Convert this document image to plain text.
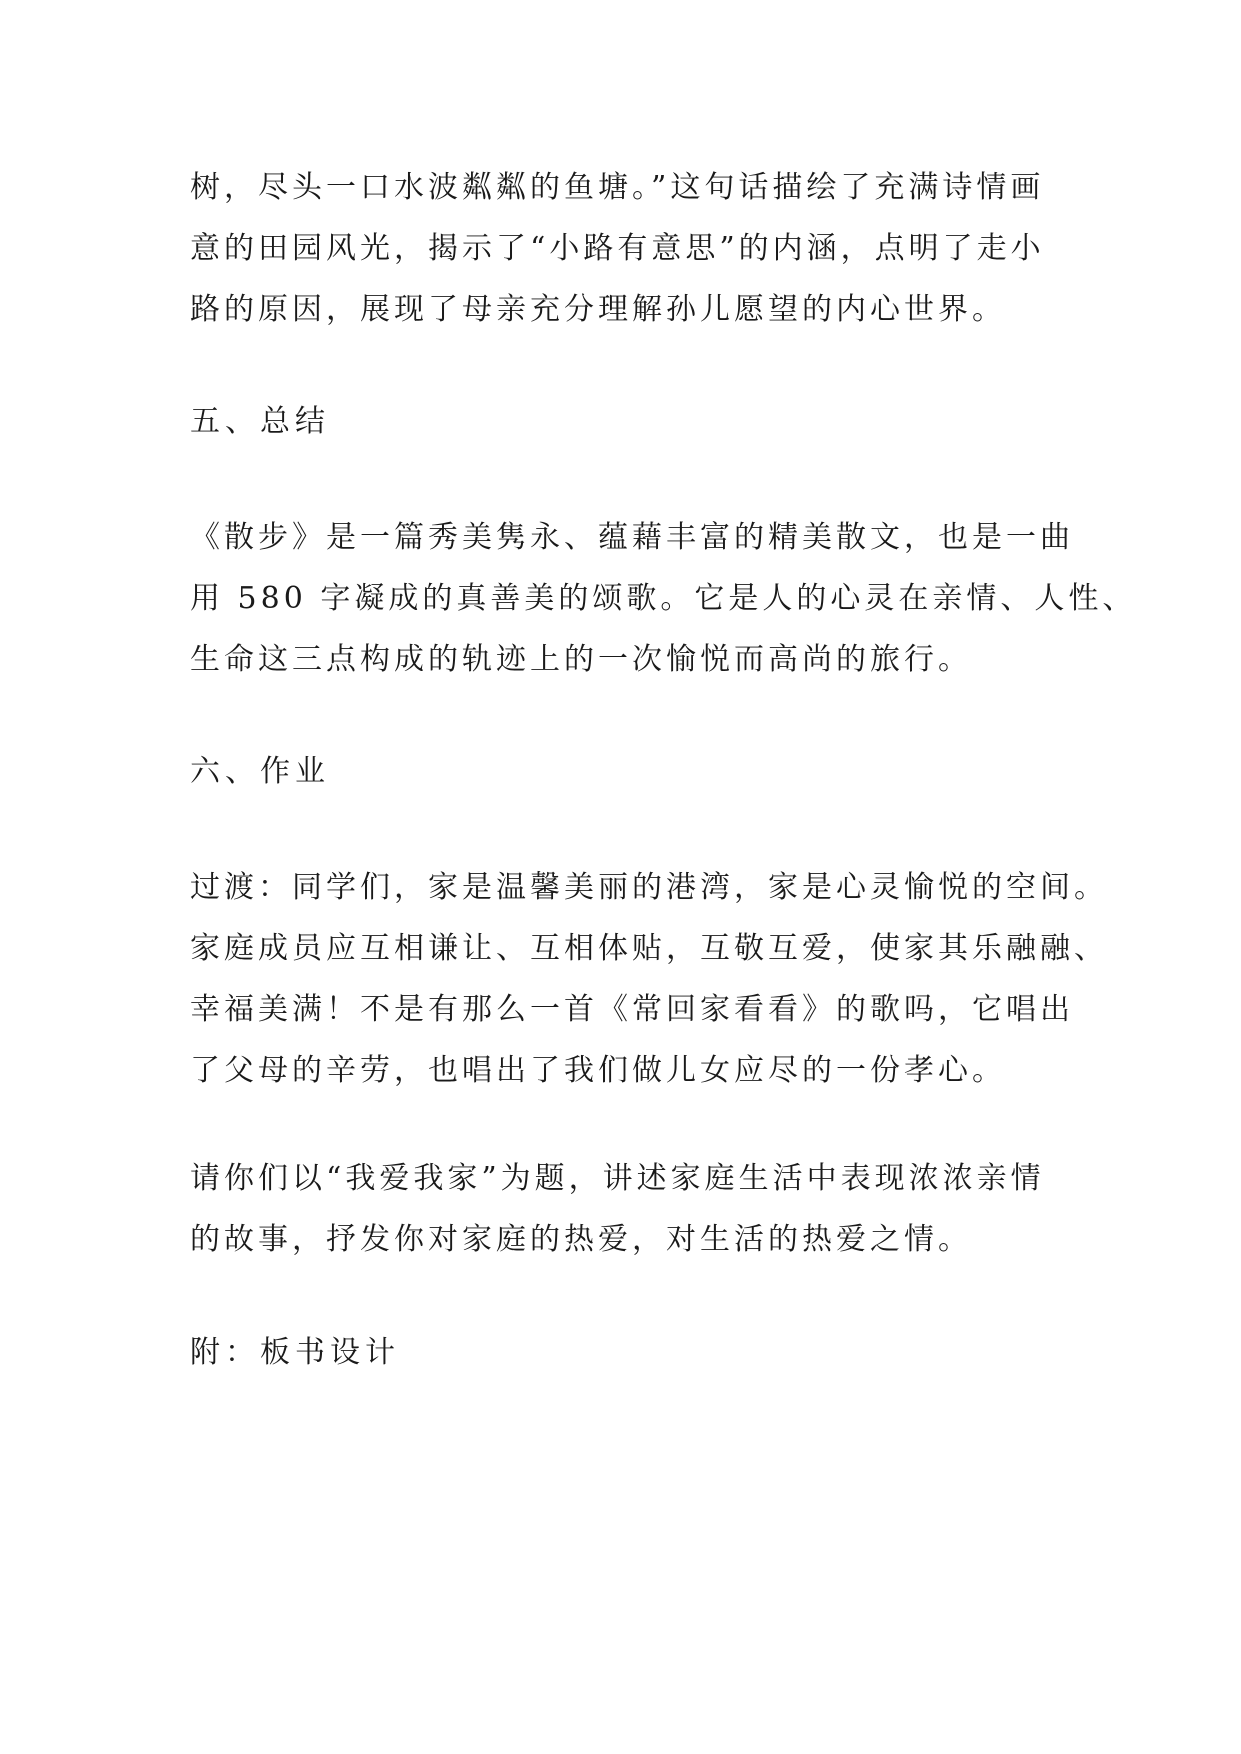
树，尽头一口水波粼粼的鱼塘。”这句话描绘了充满诗情画
意的田园风光，揭示了“小路有意思”的内涵，点明了走小
路的原因，展现了母亲充分理解孙儿愿望的内心世界。
五、总结
《散步》是一篇秀美隽永、蕴藉丰富的精美散文，也是一曲
用 580 字凝成的真善美的颂歌。它是人的心灵在亲情、人性、
生命这三点构成的轨迹上的一次愉悦而高尚的旅行。
六、作业
过渡：同学们，家是温馨美丽的港湾，家是心灵愉悦的空间。
家庭成员应互相谦让、互相体贴，互敬互爱，使家其乐融融、
幸福美满！不是有那么一首《常回家看看》的歌吗，它唱出
了父母的辛劳，也唱出了我们做儿女应尽的一份孝心。
请你们以“我爱我家”为题，讲述家庭生活中表现浓浓亲情
的故事，抒发你对家庭的热爱，对生活的热爱之情。
附：板书设计
